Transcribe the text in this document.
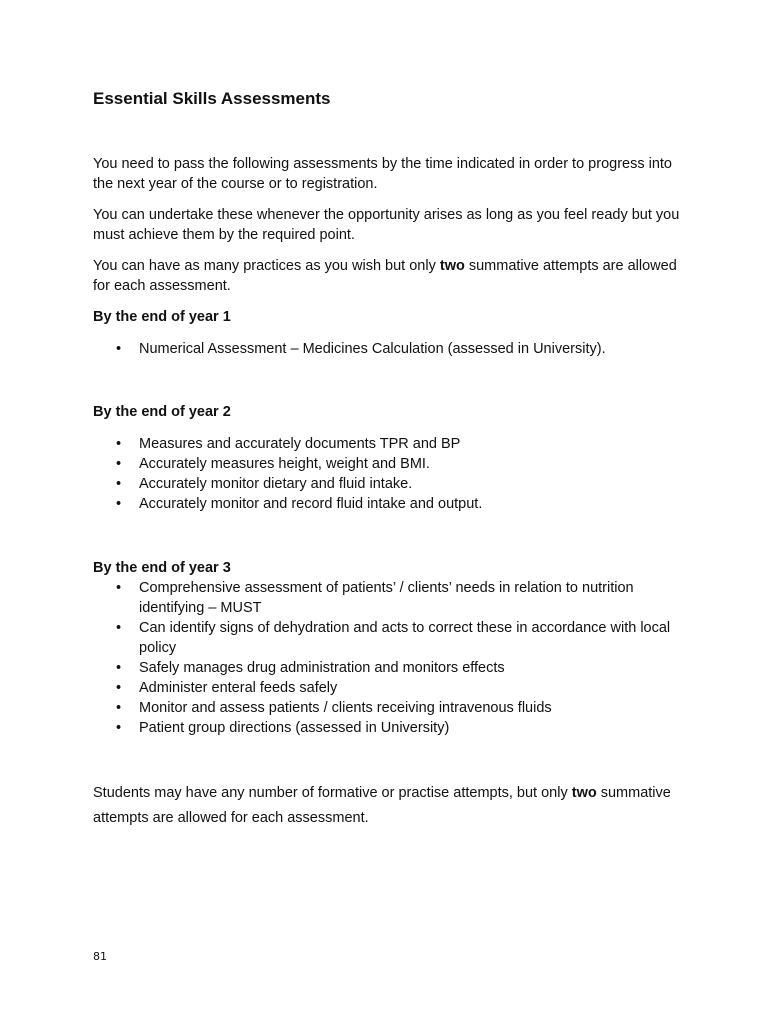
Essential Skills Assessments

You need to pass the following assessments by the time indicated in order to progress into the next year of the course or to registration.

You can undertake these whenever the opportunity arises as long as you feel ready but you must achieve them by the required point.

You can have as many practices as you wish but only two summative attempts are allowed for each assessment.

By the end of year 1
• Numerical Assessment – Medicines Calculation (assessed in University).
By the end of year 2
• Measures and accurately documents TPR and BP
• Accurately measures height, weight and BMI.
• Accurately monitor dietary and fluid intake.
• Accurately monitor and record fluid intake and output.
By the end of year 3
• Comprehensive assessment of patients’ / clients’ needs in relation to nutrition identifying – MUST
• Can identify signs of dehydration and acts to correct these in accordance with local policy
• Safely manages drug administration and monitors effects
• Administer enteral feeds safely
• Monitor and assess patients / clients receiving intravenous fluids
• Patient group directions (assessed in University)

Students may have any number of formative or practise attempts, but only two summative attempts are allowed for each assessment.

81
